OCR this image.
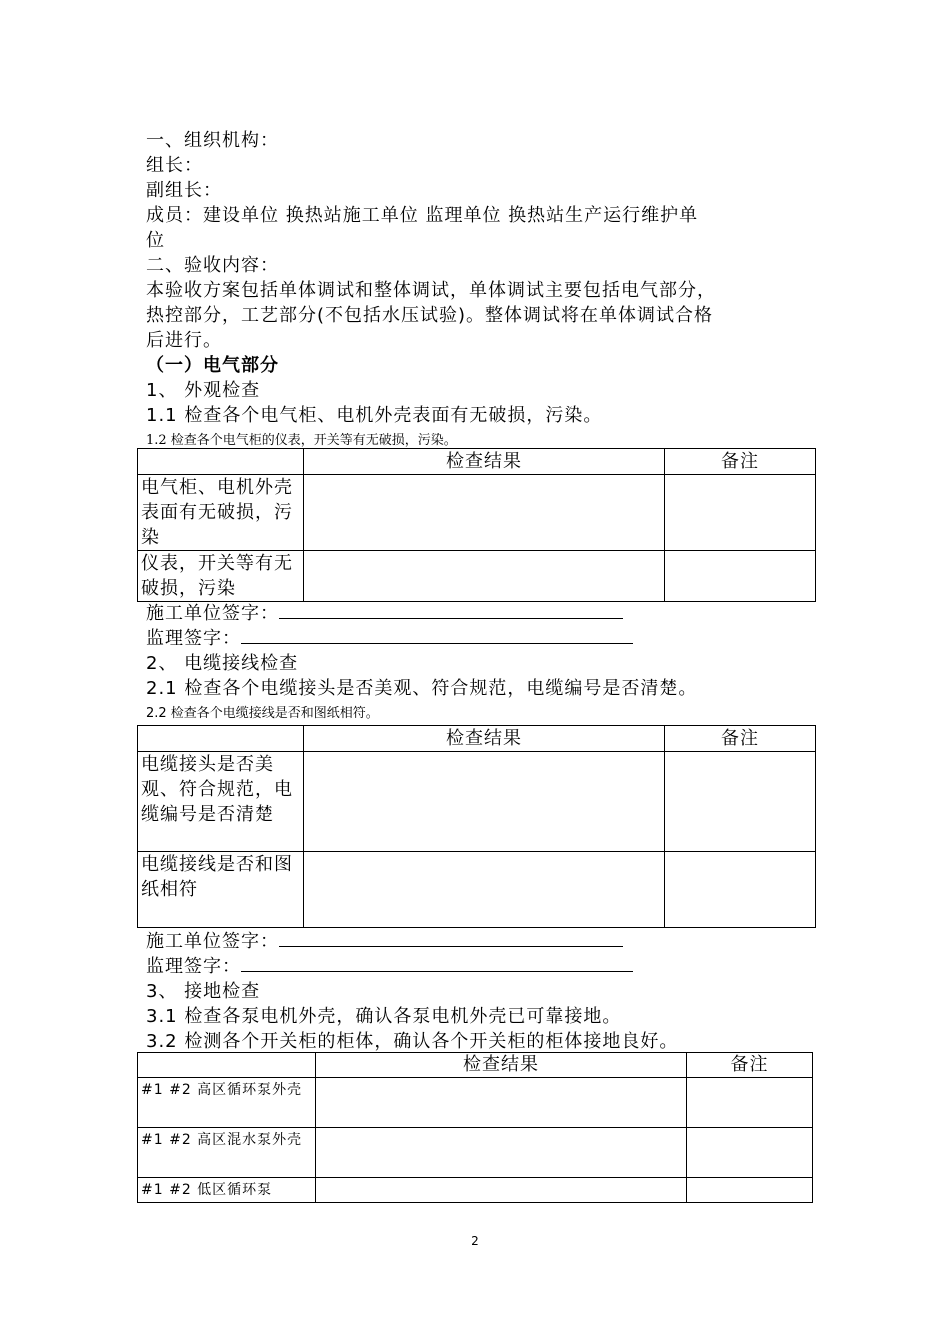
一、组织机构：
组长：
副组长：
成员：建设单位 换热站施工单位 监理单位 换热站生产运行维护单
位
二、验收内容：
本验收方案包括单体调试和整体调试，单体调试主要包括电气部分，
热控部分，工艺部分(不包括水压试验)。整体调试将在单体调试合格
后进行。
（一）电气部分
1、 外观检查
1.1 检查各个电气柜、电机外壳表面有无破损，污染。
1.2 检查各个电气柜的仪表，开关等有无破损，污染。
	检查结果	备注
电气柜、电机外壳表面有无破损，污染		
仪表，开关等有无破损，污染		
施工单位签字：
监理签字：
2、 电缆接线检查
2.1 检查各个电缆接头是否美观、符合规范，电缆编号是否清楚。
2.2 检查各个电缆接线是否和图纸相符。
	检查结果	备注
电缆接头是否美观、符合规范，电缆编号是否清楚		
电缆接线是否和图纸相符		
施工单位签字：
监理签字：
3、 接地检查
3.1 检查各泵电机外壳，确认各泵电机外壳已可靠接地。
3.2 检测各个开关柜的柜体，确认各个开关柜的柜体接地良好。
	检查结果	备注
#1 #2 高区循环泵外壳		
#1 #2 高区混水泵外壳		
#1 #2 低区循环泵		
2
